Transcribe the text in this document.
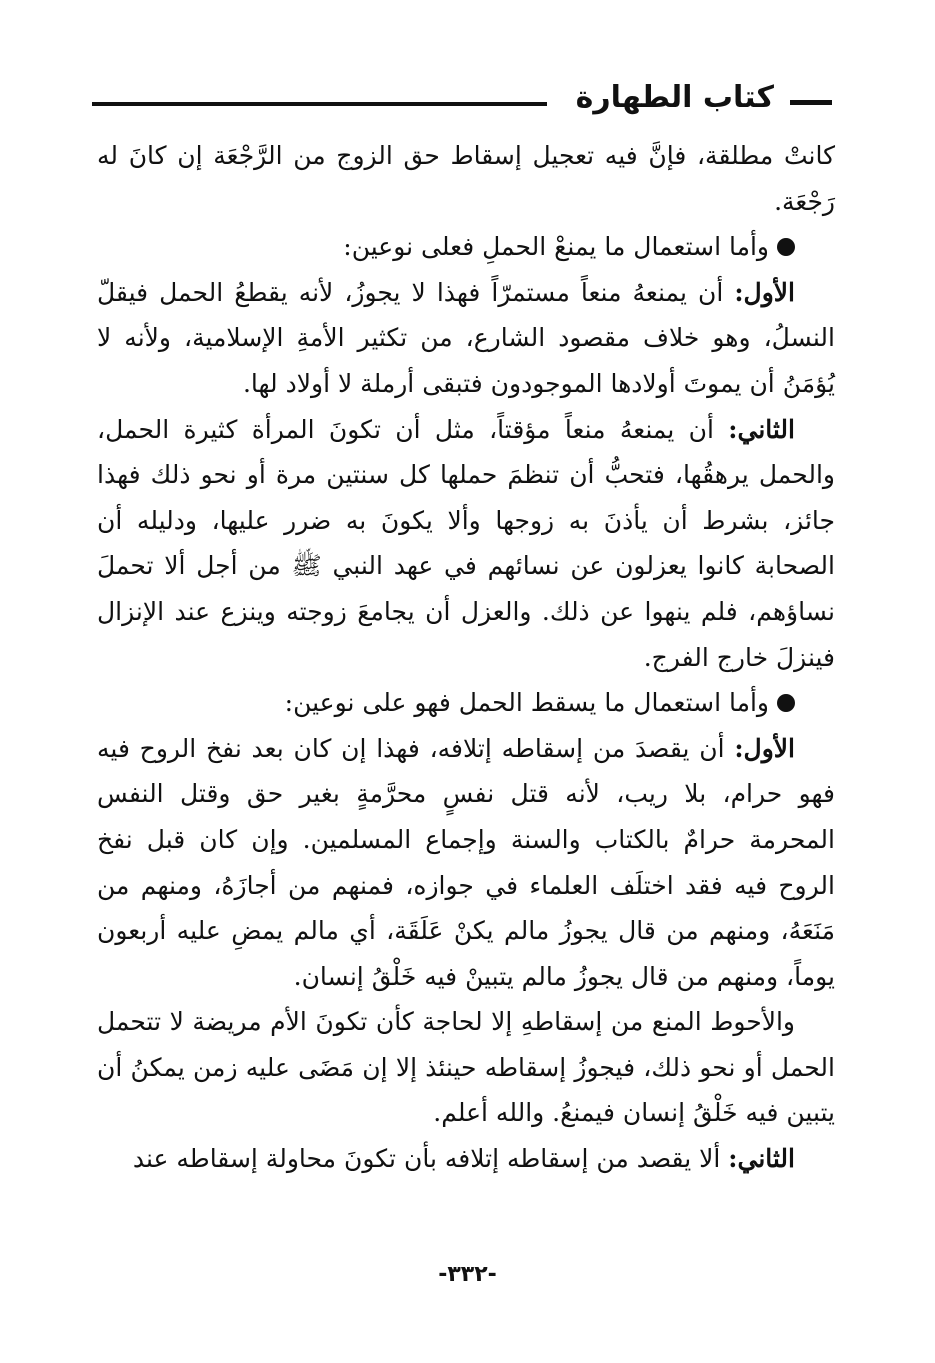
كتاب الطهارة

كانتْ مطلقة، فإنَّ فيه تعجيل إسقاط حق الزوج من الرَّجْعَة إن كانَ له رَجْعَة.

وأما استعمال ما يمنعْ الحملِ فعلى نوعين:

الأول: أن يمنعهُ منعاً مستمرّاً فهذا لا يجوزُ، لأنه يقطعُ الحمل فيقلّ النسلُ، وهو خلاف مقصود الشارع، من تكثير الأمةِ الإسلامية، ولأنه لا يُؤمَنُ أن يموتَ أولادها الموجودون فتبقى أرملة لا أولاد لها.

الثاني: أن يمنعهُ منعاً مؤقتاً، مثل أن تكونَ المرأة كثيرة الحمل، والحمل يرهقُها، فتحبُّ أن تنظمَ حملها كل سنتين مرة أو نحو ذلك فهذا جائز، بشرط أن يأذنَ به زوجها وألا يكونَ به ضرر عليها، ودليله أن الصحابة كانوا يعزلون عن نسائهم في عهد النبي ﷺ من أجل ألا تحملَ نساؤهم، فلم ينهوا عن ذلك. والعزل أن يجامعَ زوجته وينزع عند الإنزال فينزلَ خارج الفرج.

وأما استعمال ما يسقط الحمل فهو على نوعين:

الأول: أن يقصدَ من إسقاطه إتلافه، فهذا إن كان بعد نفخ الروح فيه فهو حرام، بلا ريب، لأنه قتل نفسٍ محرَّمةٍ بغير حق وقتل النفس المحرمة حرامٌ بالكتاب والسنة وإجماع المسلمين. وإن كان قبل نفخ الروح فيه فقد اختلَف العلماء في جوازه، فمنهم من أجازَهُ، ومنهم من مَنَعَهُ، ومنهم من قال يجوزُ مالم يكنْ عَلَقَة، أي مالم يمضِ عليه أربعون يوماً، ومنهم من قال يجوزُ مالم يتبينْ فيه خَلْقُ إنسان.

والأحوط المنع من إسقاطهِ إلا لحاجة كأن تكونَ الأم مريضة لا تتحمل الحمل أو نحو ذلك، فيجوزُ إسقاطه حينئذ إلا إن مَضَى عليه زمن يمكنُ أن يتبين فيه خَلْقُ إنسان فيمنعُ. والله أعلم.

الثاني: ألا يقصد من إسقاطه إتلافه بأن تكونَ محاولة إسقاطه عند

-٣٣٢-
